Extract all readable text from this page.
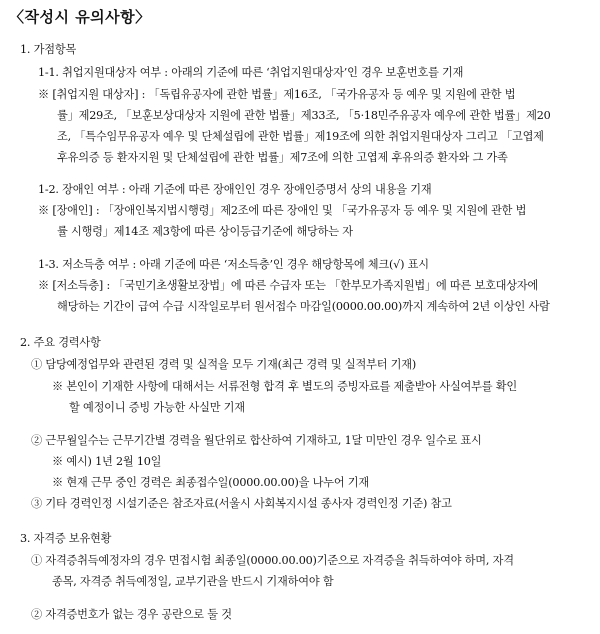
〈작성시 유의사항〉
1. 가점항목
1-1. 취업지원대상자 여부 : 아래의 기준에 따른 ‘취업지원대상자’인 경우 보훈번호를 기재
※ [취업지원 대상자] : 「독립유공자에 관한 법률」제16조, 「국가유공자 등 예우 및 지원에 관한 법
률」제29조, 「보훈보상대상자 지원에 관한 법률」제33조, 「5·18민주유공자 예우에 관한 법률」제20
조, 「특수임무유공자 예우 및 단체설립에 관한 법률」제19조에 의한 취업지원대상자 그리고 「고엽제
후유의증 등 환자지원 및 단체설립에 관한 법률」제7조에 의한 고엽제 후유의증 환자와 그 가족
1-2. 장애인 여부 : 아래 기준에 따른 장애인인 경우 장애인증명서 상의 내용을 기재
※ [장애인] : 「장애인복지법시행령」제2조에 따른 장애인 및 「국가유공자 등 예우 및 지원에 관한 법
률 시행령」제14조 제3항에 따른 상이등급기준에 해당하는 자
1-3. 저소득층 여부 : 아래 기준에 따른 ‘저소득층’인 경우 해당항목에 체크(√) 표시
※ [저소득층] : 「국민기초생활보장법」에 따른 수급자 또는 「한부모가족지원법」에 따른 보호대상자에
해당하는 기간이 급여 수급 시작일로부터 원서접수 마감일(0000.00.00)까지 계속하여 2년 이상인 사람
2. 주요 경력사항
① 담당예정업무와 관련된 경력 및 실적을 모두 기재(최근 경력 및 실적부터 기재)
※ 본인이 기재한 사항에 대해서는 서류전형 합격 후 별도의 증빙자료를 제출받아 사실여부를 확인
할 예정이니 증빙 가능한 사실만 기재
② 근무월일수는 근무기간별 경력을 월단위로 합산하여 기재하고, 1달 미만인 경우 일수로 표시
※ 예시) 1년 2월 10일
※ 현재 근무 중인 경력은 최종접수일(0000.00.00)을 나누어 기재
③ 기타 경력인정 시설기준은 참조자료(서울시 사회복지시설 종사자 경력인정 기준) 참고
3. 자격증 보유현황
① 자격증취득예정자의 경우 면접시험 최종일(0000.00.00)기준으로 자격증을 취득하여야 하며, 자격
종목, 자격증 취득예정일, 교부기관을 반드시 기재하여야 함
② 자격증번호가 없는 경우 공란으로 둘 것
